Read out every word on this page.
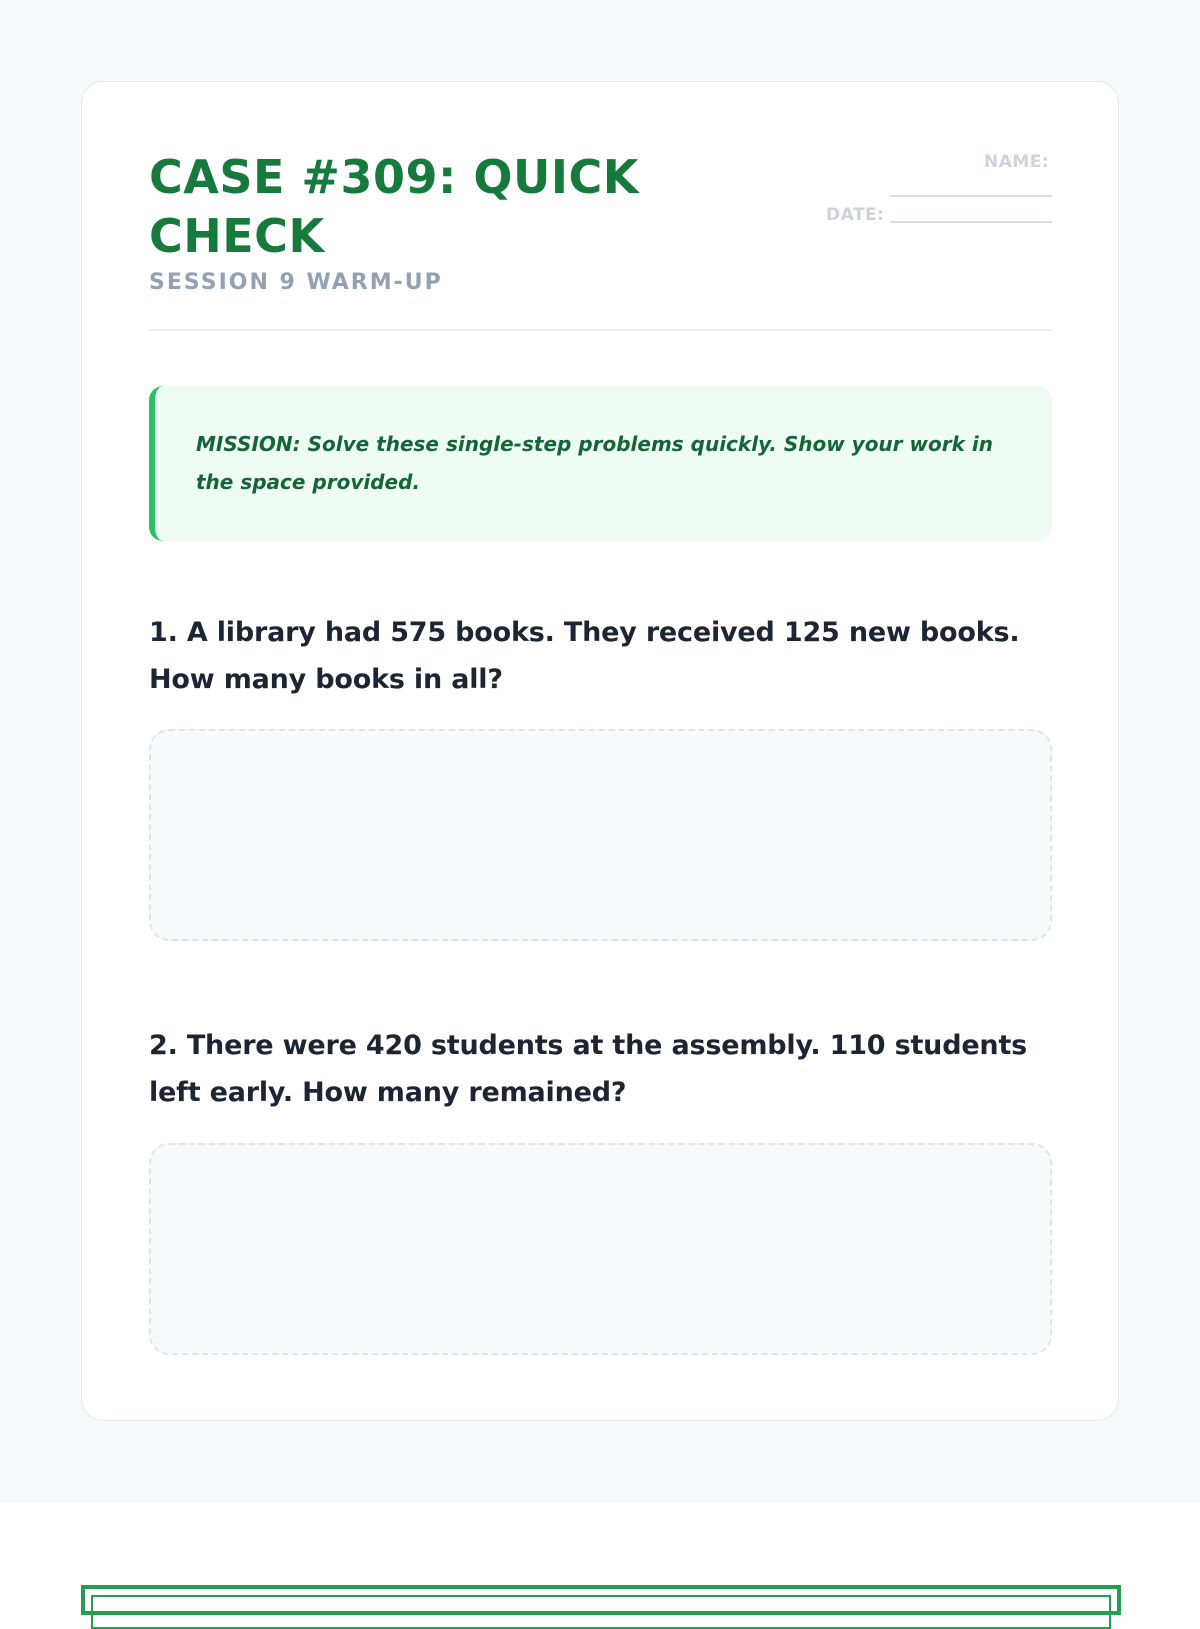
CASE #309: QUICK CHECK
SESSION 9 WARM-UP
NAME:
DATE:

MISSION: Solve these single-step problems quickly. Show your work in the space provided.

1. A library had 575 books. They received 125 new books. How many books in all?

2. There were 420 students at the assembly. 110 students left early. How many remained?
